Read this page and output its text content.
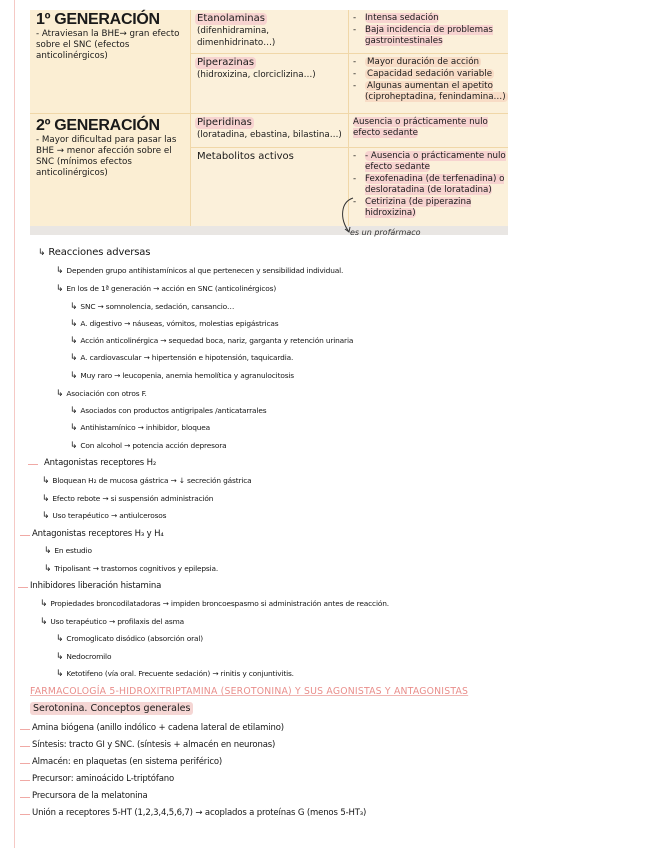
1º GENERACIÓN
- Atraviesan la BHE→ gran efecto sobre el SNC (efectos anticolinérgicos)
Etanolaminas
(difenhidramina, dimenhidrinato…)
- Intensa sedación
- Baja incidencia de problemas gastrointestinales
Piperazinas
(hidroxizina, clorciclizina…)
- Mayor duración de acción
- Capacidad sedación variable
- Algunas aumentan el apetito (ciproheptadina, fenindamina…)
2º GENERACIÓN
- Mayor dificultad para pasar las BHE → menor afección sobre el SNC (mínimos efectos anticolinérgicos)
Piperidinas
(loratadina, ebastina, bilastina…)
Ausencia o prácticamente nulo efecto sedante
Metabolitos activos
-	- Ausencia o prácticamente nulo efecto sedante
- Fexofenadina (de terfenadina) o desloratadina (de loratadina)
- Cetirizina (de piperazina hidroxizina)
es un profármaco
↳ Reacciones adversas
↳ Dependen grupo antihistamínicos al que pertenecen y sensibilidad individual.
↳ En los de 1ª generación → acción en SNC (anticolinérgicos)
↳ SNC → somnolencia, sedación, cansancio…
↳ A. digestivo → náuseas, vómitos, molestias epigástricas
↳ Acción anticolinérgica → sequedad boca, nariz, garganta y retención urinaria
↳ A. cardiovascular → hipertensión e hipotensión, taquicardia.
↳ Muy raro → leucopenia, anemia hemolítica y agranulocitosis
↳ Asociación con otros F.
↳ Asociados con productos antigripales /anticatarrales
↳ Antihistamínico → inhibidor, bloquea
↳ Con alcohol → potencia acción depresora
Antagonistas receptores H₂
↳ Bloquean H₂ de mucosa gástrica → ↓ secreción gástrica
↳ Efecto rebote → si suspensión administración
↳ Uso terapéutico → antiulcerosos
Antagonistas receptores H₃ y H₄
↳ En estudio
↳ Tripolisant → trastornos cognitivos y epilepsia.
Inhibidores liberación histamina
↳ Propiedades broncodilatadoras → impiden broncoespasmo si administración antes de reacción.
↳ Uso terapéutico → profilaxis del asma
↳ Cromoglicato disódico (absorción oral)
↳ Nedocromilo
↳ Ketotifeno (vía oral. Frecuente sedación) → rinitis y conjuntivitis.
FARMACOLOGÍA 5-HIDROXITRIPTAMINA (SEROTONINA) Y SUS AGONISTAS Y ANTAGONISTAS
Serotonina. Conceptos generales
Amina biógena (anillo indólico + cadena lateral de etilamino)
Síntesis: tracto GI y SNC. (síntesis + almacén en neuronas)
Almacén: en plaquetas (en sistema periférico)
Precursor: aminoácido L-triptófano
Precursora de la melatonina
Unión a receptores 5-HT (1,2,3,4,5,6,7) → acoplados a proteínas G (menos 5-HT₃)
